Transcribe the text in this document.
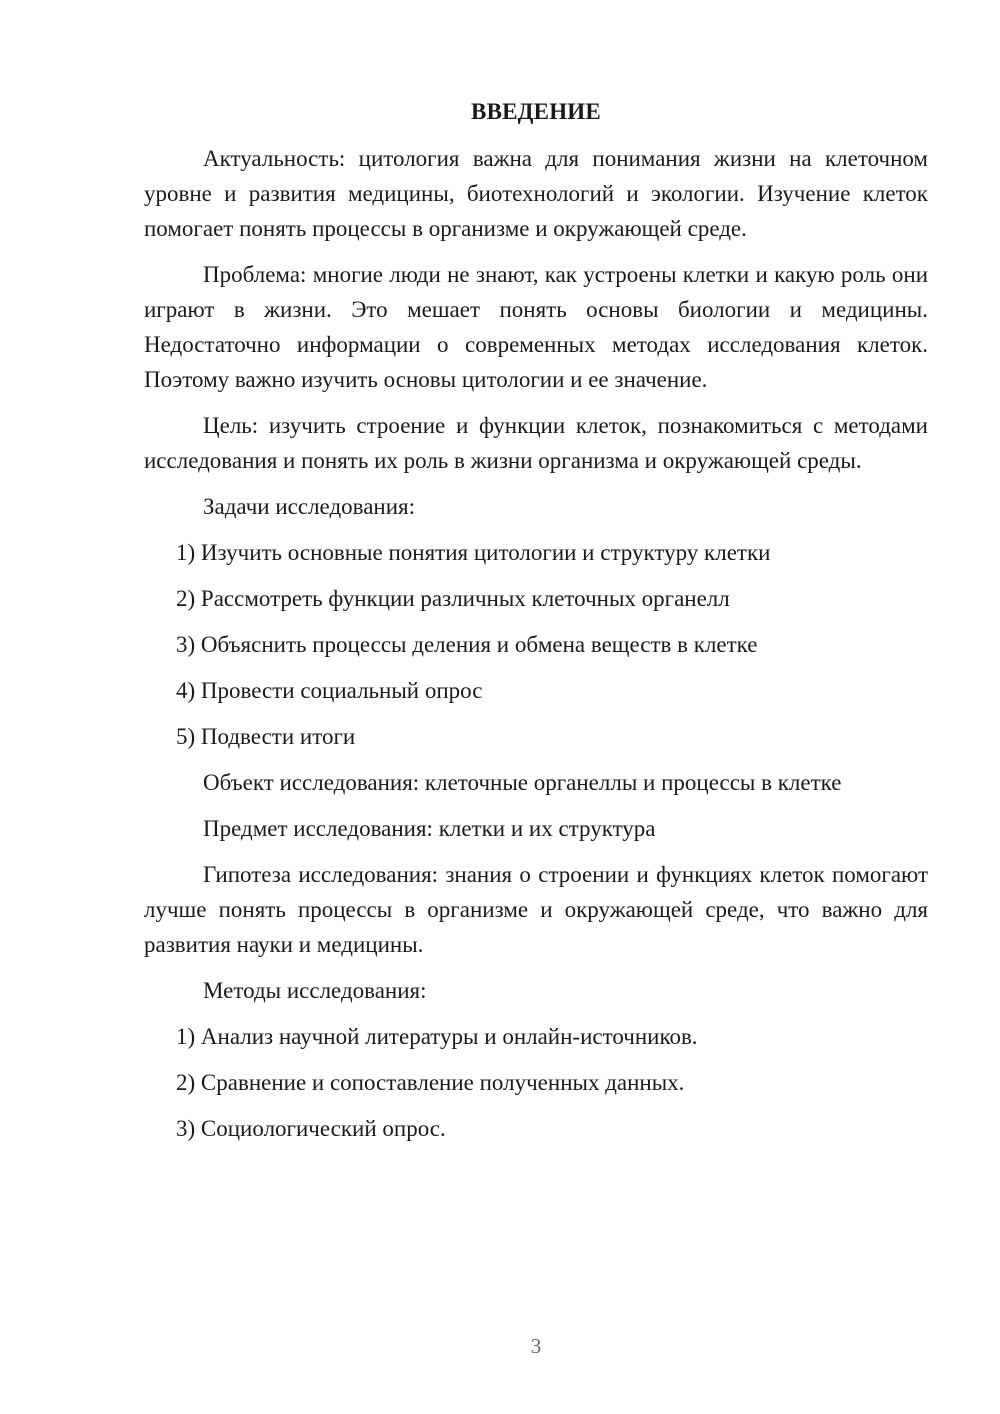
ВВЕДЕНИЕ
Актуальность: цитология важна для понимания жизни на клеточном уровне и развития медицины, биотехнологий и экологии. Изучение клеток помогает понять процессы в организме и окружающей среде.
Проблема: многие люди не знают, как устроены клетки и какую роль они играют в жизни. Это мешает понять основы биологии и медицины. Недостаточно информации о современных методах исследования клеток. Поэтому важно изучить основы цитологии и ее значение.
Цель: изучить строение и функции клеток, познакомиться с методами исследования и понять их роль в жизни организма и окружающей среды.
Задачи исследования:
1) Изучить основные понятия цитологии и структуру клетки
2) Рассмотреть функции различных клеточных органелл
3) Объяснить процессы деления и обмена веществ в клетке
4) Провести социальный опрос
5) Подвести итоги
Объект исследования: клеточные органеллы и процессы в клетке
Предмет исследования: клетки и их структура
Гипотеза исследования: знания о строении и функциях клеток помогают лучше понять процессы в организме и окружающей среде, что важно для развития науки и медицины.
Методы исследования:
1) Анализ научной литературы и онлайн-источников.
2) Сравнение и сопоставление полученных данных.
3) Социологический опрос.
3
